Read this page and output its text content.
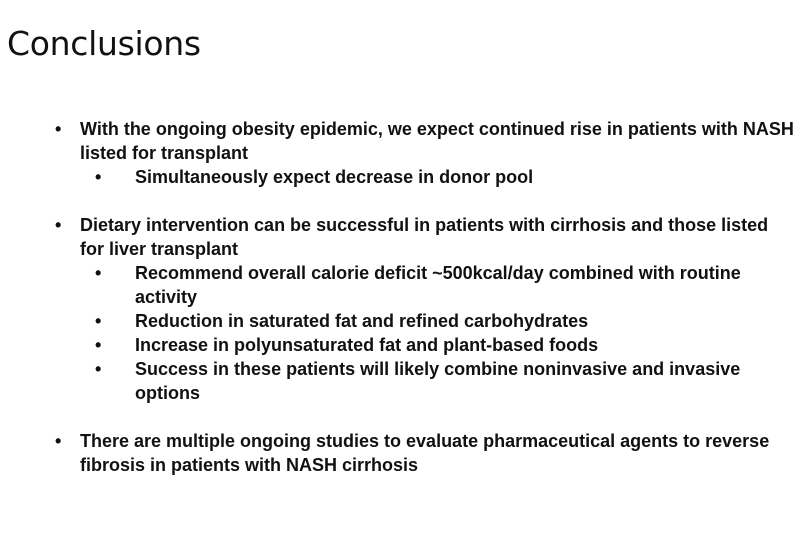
Conclusions
• With the ongoing obesity epidemic, we expect continued rise in patients with NASH listed for transplant
• Simultaneously expect decrease in donor pool
• Dietary intervention can be successful in patients with cirrhosis and those listed for liver transplant
• Recommend overall calorie deficit ~500kcal/day combined with routine activity
• Reduction in saturated fat and refined carbohydrates
• Increase in polyunsaturated fat and plant-based foods
• Success in these patients will likely combine noninvasive and invasive options
• There are multiple ongoing studies to evaluate pharmaceutical agents to reverse fibrosis in patients with NASH cirrhosis
